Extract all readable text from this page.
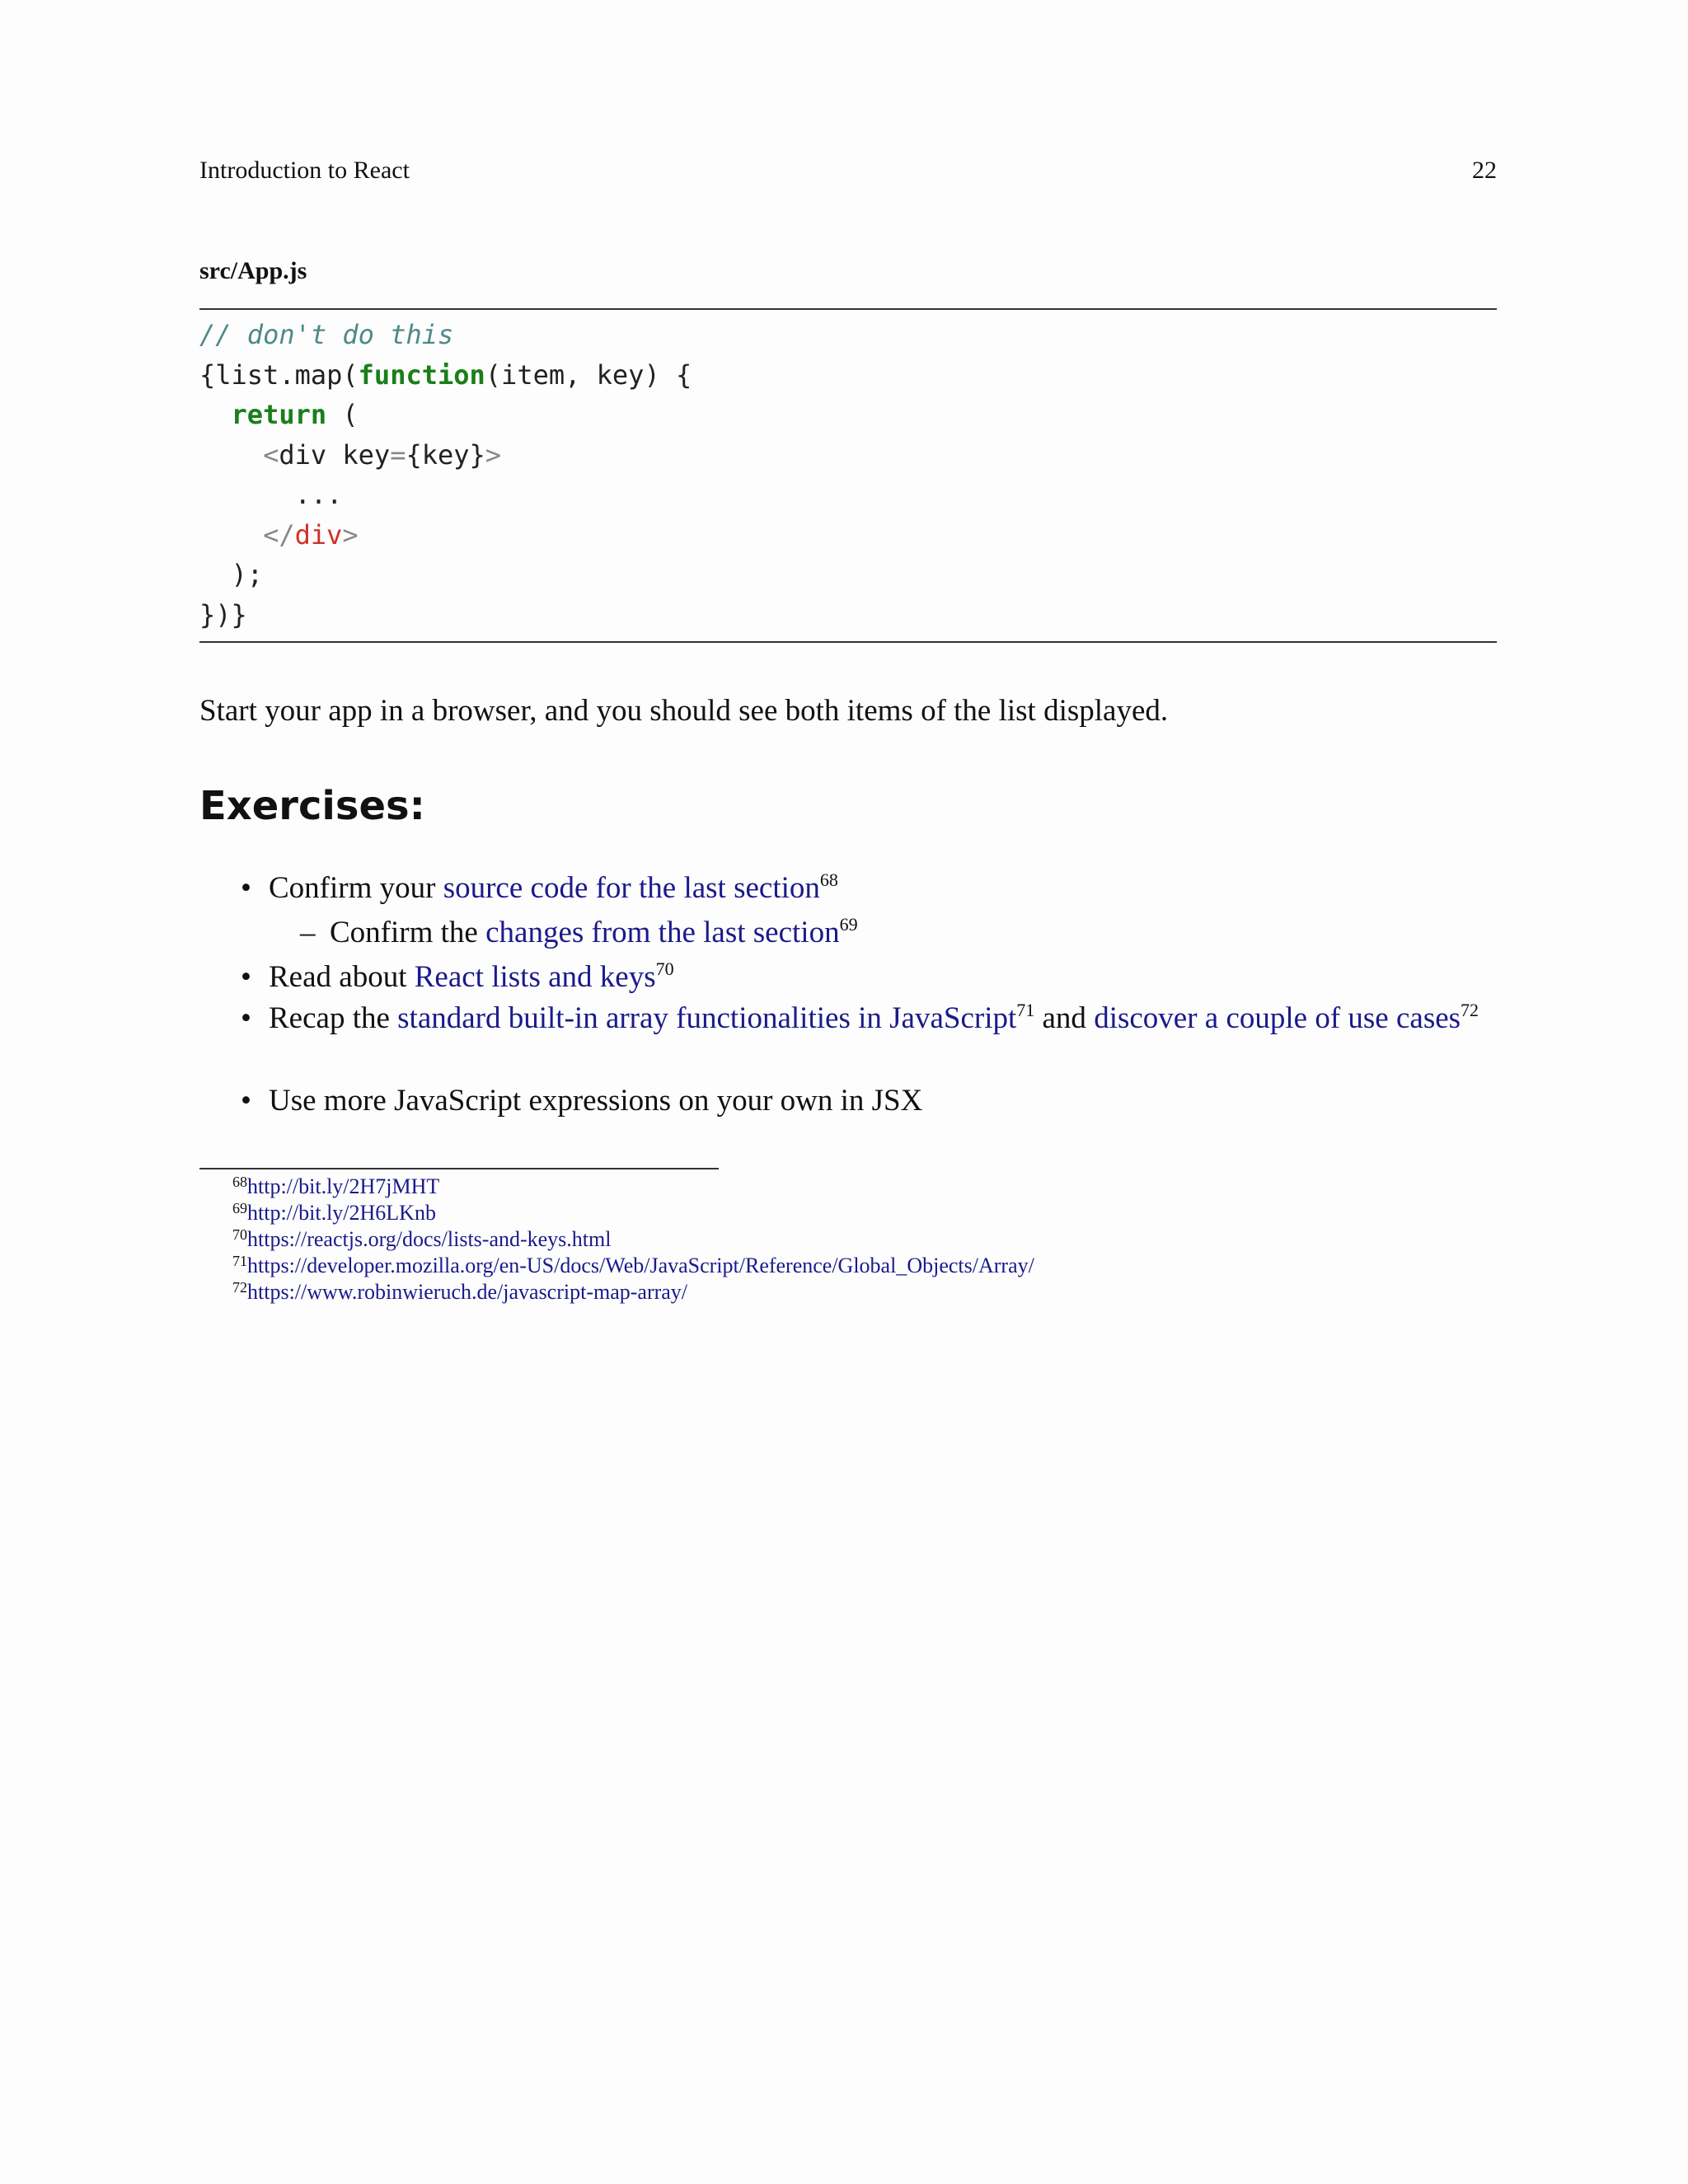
Introduction to React	22
src/App.js
// don't do this
{list.map(function(item, key) {
return (
<div key={key}>
...
</div>
);
})}

Start your app in a browser, and you should see both items of the list displayed.

Exercises:
• Confirm your source code for the last section$^{68}$
– Confirm the changes from the last section$^{69}$
• Read about React lists and keys$^{70}$
• Recap the standard built-in array functionalities in JavaScript$^{71}$ and discover a couple of use cases$^{72}$
• Use more JavaScript expressions on your own in JSX
$^{68}$http://bit.ly/2H7jMHT
$^{69}$http://bit.ly/2H6LKnb
$^{70}$https://reactjs.org/docs/lists-and-keys.html
$^{71}$https://developer.mozilla.org/en-US/docs/Web/JavaScript/Reference/Global_Objects/Array/
$^{72}$https://www.robinwieruch.de/javascript-map-array/
